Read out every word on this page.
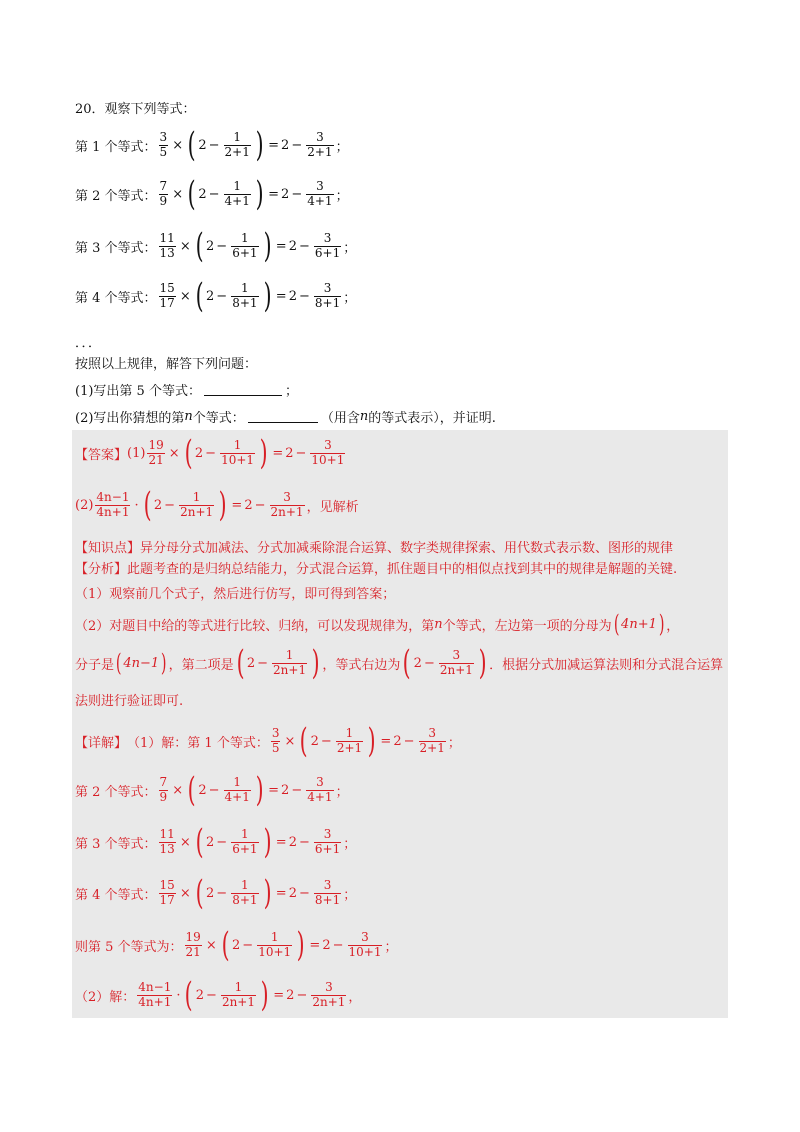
20．观察下列等式：
第 1 个等式： $\frac{3}{5}$ × ( $2 - \frac{1}{2+1}$ ) = $2 - \frac{3}{2+1}$ ；
第 2 个等式： $\frac{7}{9}$ × ( $2 - \frac{1}{4+1}$ ) = $2 - \frac{3}{4+1}$ ；
第 3 个等式： $\frac{11}{13}$ × ( $2 - \frac{1}{6+1}$ ) = $2 - \frac{3}{6+1}$ ；
第 4 个等式： $\frac{15}{17}$ × ( $2 - \frac{1}{8+1}$ ) = $2 - \frac{3}{8+1}$ ；
．．．
按照以上规律，解答下列问题：
(1)写出第 5 个等式：	；
(2)写出你猜想的第 n 个等式：	（用含 n 的等式表示），并证明.
【答案】 $(1) \frac{19}{21}$ × ( $2 - \frac{1}{10+1}$ ) = $2 - \frac{3}{10+1}$
$(2) \frac{4n-1}{4n+1}$ · ( $2 - \frac{1}{2n+1}$ ) = $2 - \frac{3}{2n+1}$ ，见解析
【知识点】异分母分式加减法、分式加减乘除混合运算、数字类规律探索、用代数式表示数、图形的规律
【分析】此题考查的是归纳总结能力，分式混合运算，抓住题目中的相似点找到其中的规律是解题的关键.
（1）观察前几个式子，然后进行仿写，即可得到答案；
（2）对题目中给的等式进行比较、归纳，可以发现规律为，第 n 个等式，左边第一项的分母为 ( 4n+1 ) ，
分子是 ( 4n−1 ) ，第二项是 ( $2 - \frac{1}{2n+1}$ ) ，等式右边为 ( $2 - \frac{3}{2n+1}$ ) ．根据分式加减运算法则和分式混合运算
法则进行验证即可.
【详解】 （1）解：第 1 个等式： $\frac{3}{5}$ × ( $2 - \frac{1}{2+1}$ ) = $2 - \frac{3}{2+1}$ ；
第 2 个等式： $\frac{7}{9}$ × ( $2 - \frac{1}{4+1}$ ) = $2 - \frac{3}{4+1}$ ；
第 3 个等式： $\frac{11}{13}$ × ( $2 - \frac{1}{6+1}$ ) = $2 - \frac{3}{6+1}$ ；
第 4 个等式： $\frac{15}{17}$ × ( $2 - \frac{1}{8+1}$ ) = $2 - \frac{3}{8+1}$ ；
则第 5 个等式为： $\frac{19}{21}$ × ( $2 - \frac{1}{10+1}$ ) = $2 - \frac{3}{10+1}$ ；
（2）解： $\frac{4n-1}{4n+1}$ · ( $2 - \frac{1}{2n+1}$ ) = $2 - \frac{3}{2n+1}$ ，
